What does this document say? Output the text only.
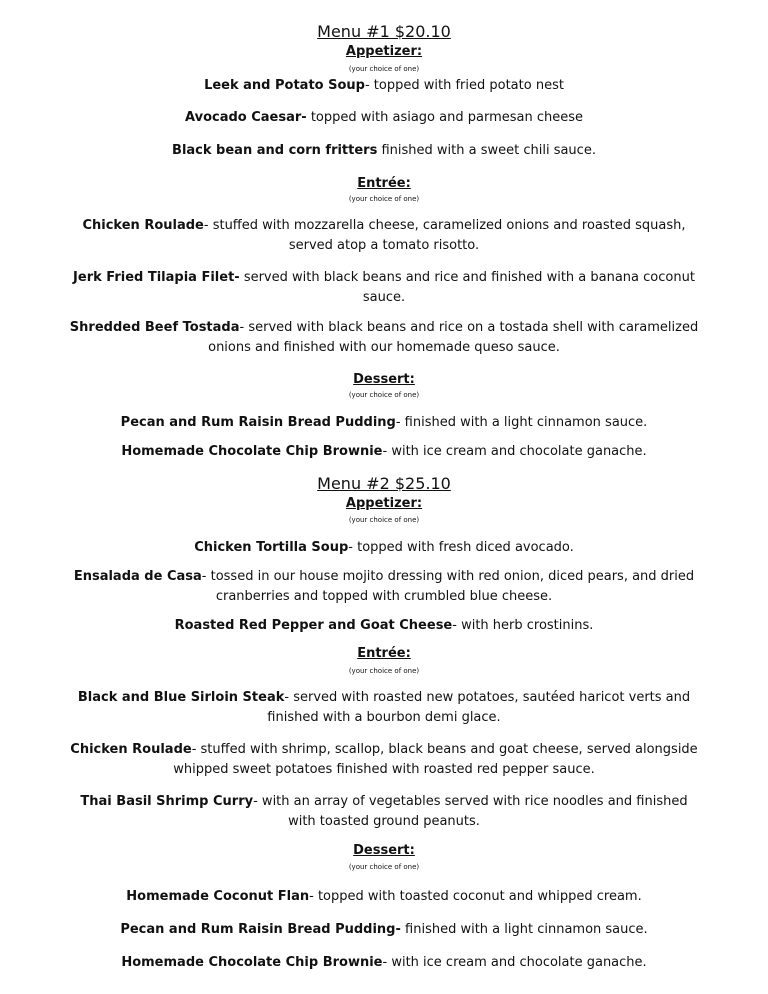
Menu #1 $20.10
Appetizer:
(your choice of one)
Leek and Potato Soup- topped with fried potato nest
Avocado Caesar- topped with asiago and parmesan cheese
Black bean and corn fritters finished with a sweet chili sauce.
Entrée:
(your choice of one)
Chicken Roulade- stuffed with mozzarella cheese, caramelized onions and roasted squash,
served atop a tomato risotto.
Jerk Fried Tilapia Filet- served with black beans and rice and finished with a banana coconut
sauce.
Shredded Beef Tostada- served with black beans and rice on a tostada shell with caramelized
onions and finished with our homemade queso sauce.
Dessert:
(your choice of one)
Pecan and Rum Raisin Bread Pudding- finished with a light cinnamon sauce.
Homemade Chocolate Chip Brownie- with ice cream and chocolate ganache.
Menu #2 $25.10
Appetizer:
(your choice of one)
Chicken Tortilla Soup- topped with fresh diced avocado.
Ensalada de Casa- tossed in our house mojito dressing with red onion, diced pears, and dried
cranberries and topped with crumbled blue cheese.
Roasted Red Pepper and Goat Cheese- with herb crostinins.
Entrée:
(your choice of one)
Black and Blue Sirloin Steak- served with roasted new potatoes, sautéed haricot verts and
finished with a bourbon demi glace.
Chicken Roulade- stuffed with shrimp, scallop, black beans and goat cheese, served alongside
whipped sweet potatoes finished with roasted red pepper sauce.
Thai Basil Shrimp Curry- with an array of vegetables served with rice noodles and finished
with toasted ground peanuts.
Dessert:
(your choice of one)
Homemade Coconut Flan- topped with toasted coconut and whipped cream.
Pecan and Rum Raisin Bread Pudding- finished with a light cinnamon sauce.
Homemade Chocolate Chip Brownie- with ice cream and chocolate ganache.
